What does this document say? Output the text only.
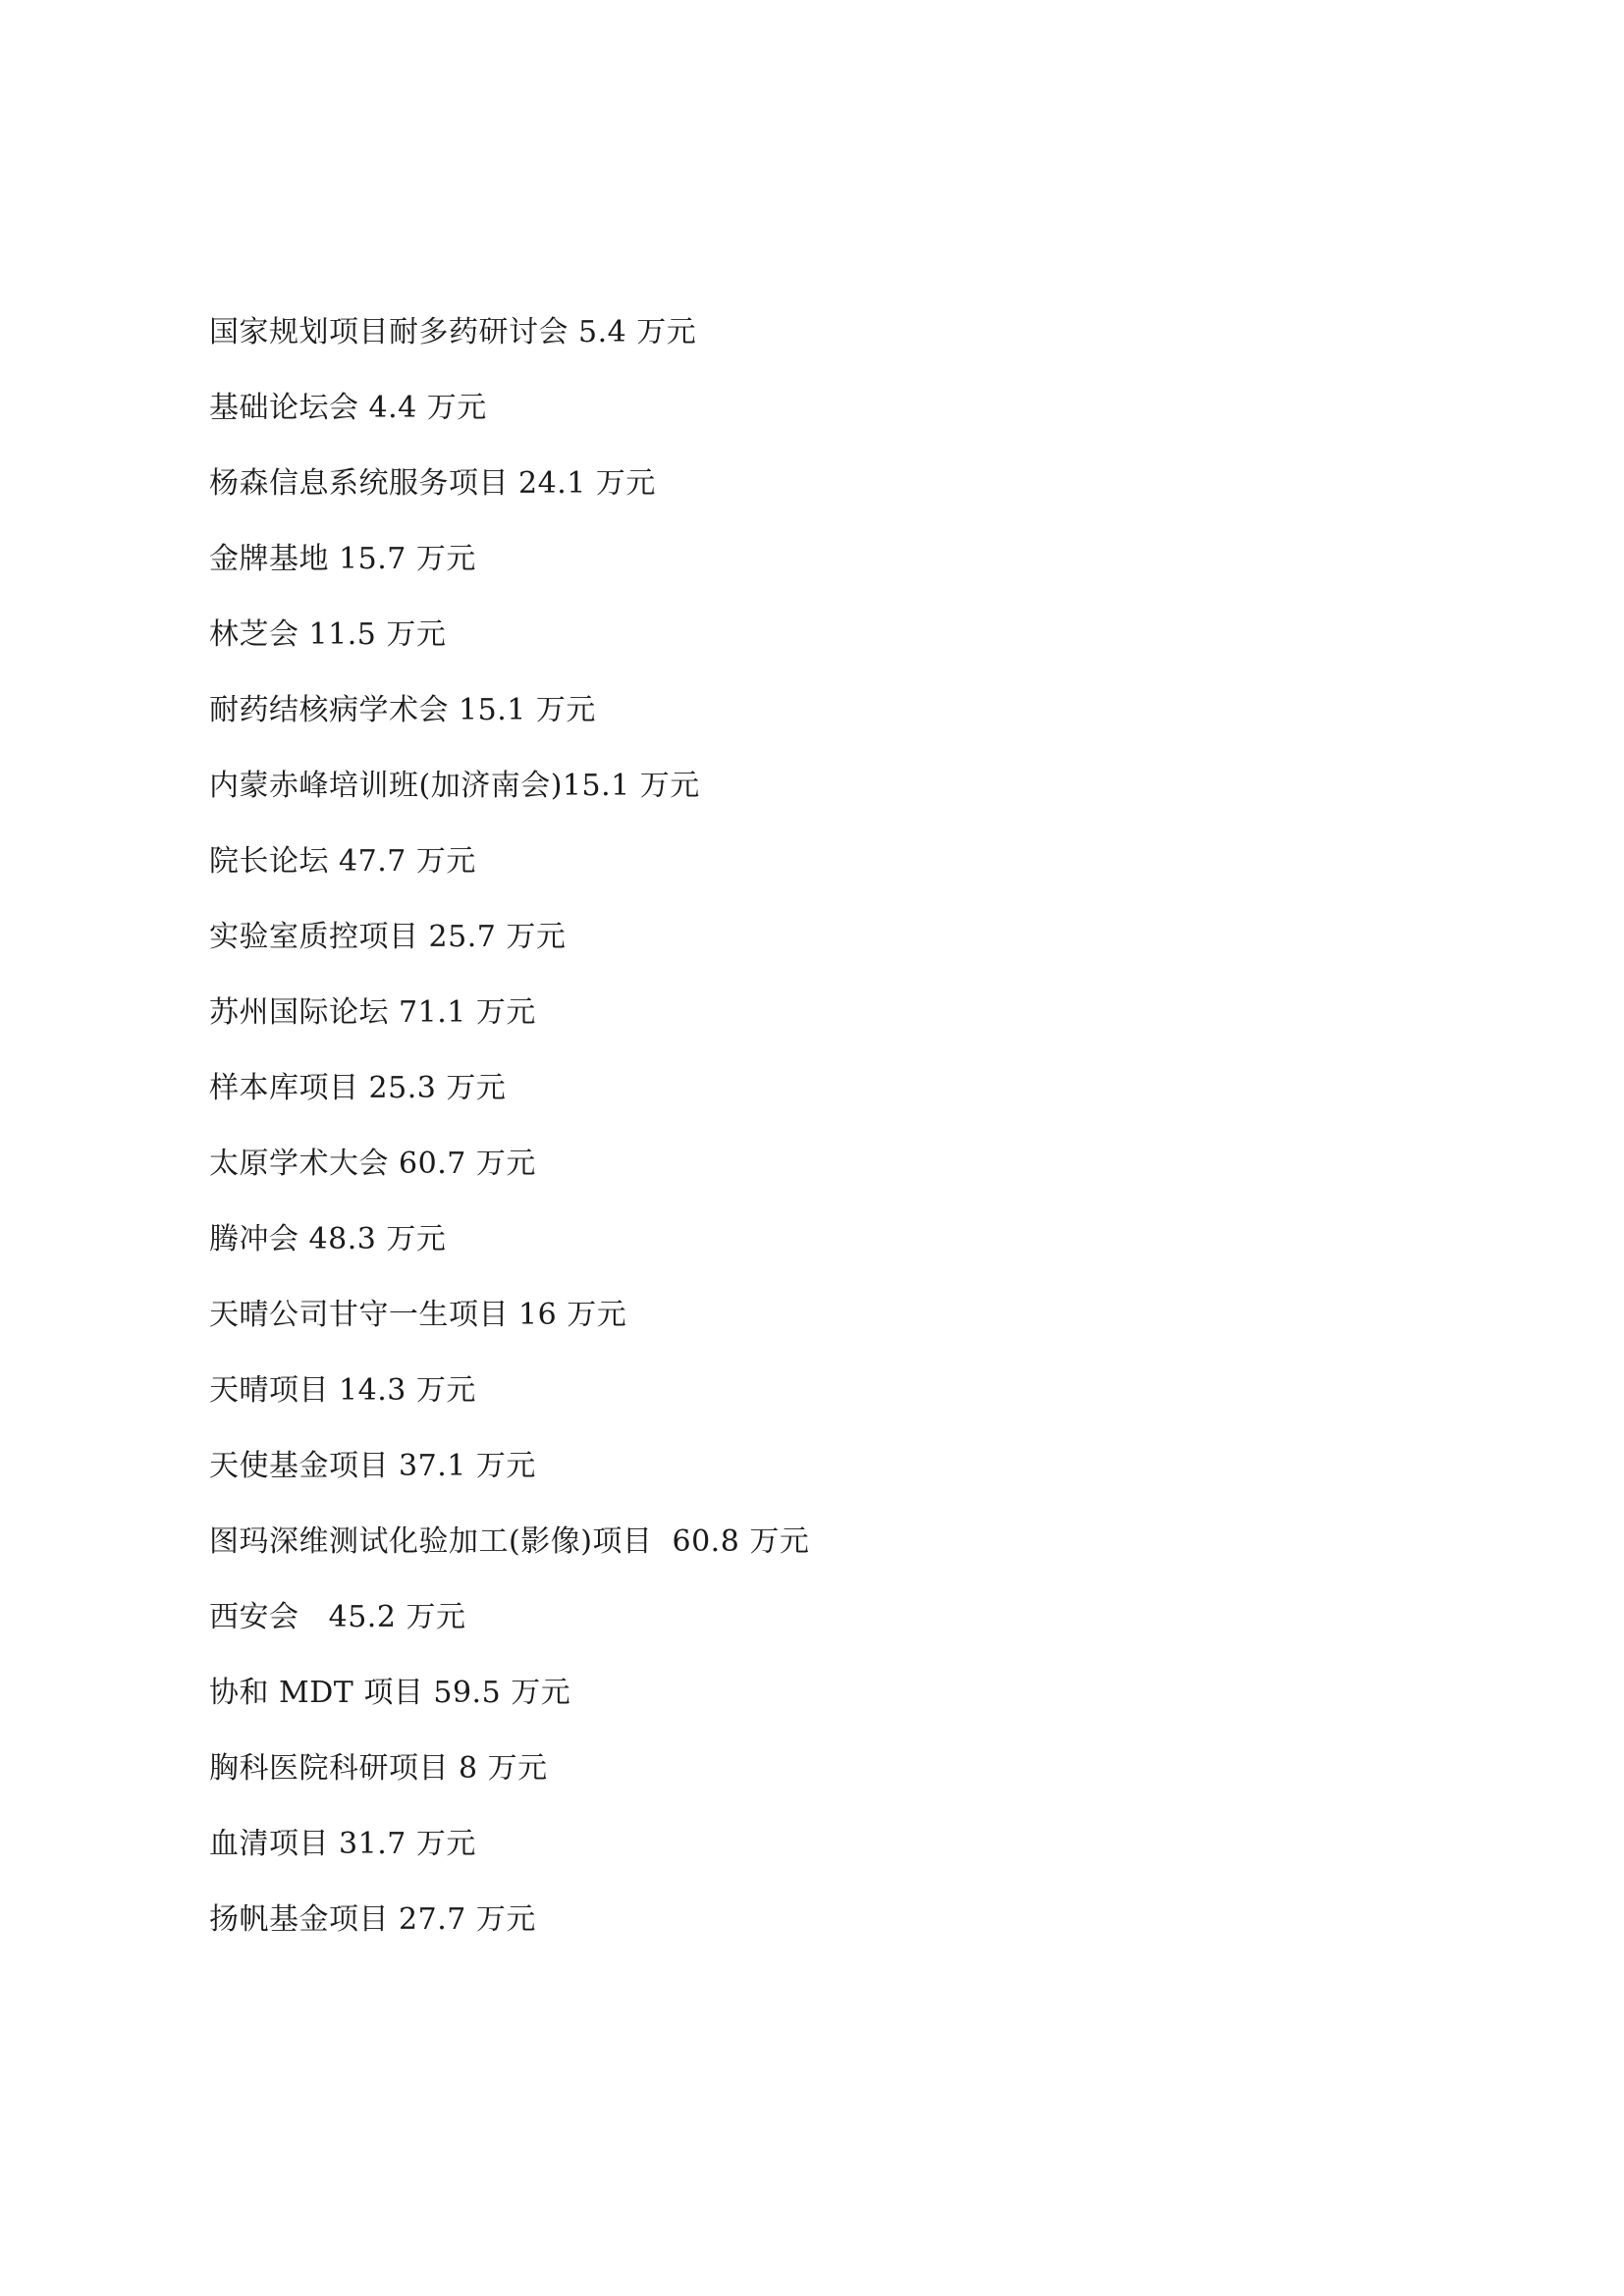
国家规划项目耐多药研讨会 5.4 万元
基础论坛会 4.4 万元
杨森信息系统服务项目 24.1 万元
金牌基地 15.7 万元
林芝会 11.5 万元
耐药结核病学术会 15.1 万元
内蒙赤峰培训班(加济南会)15.1 万元
院长论坛 47.7 万元
实验室质控项目 25.7 万元
苏州国际论坛 71.1 万元
样本库项目 25.3 万元
太原学术大会 60.7 万元
腾冲会 48.3 万元
天晴公司甘守一生项目 16 万元
天晴项目 14.3 万元
天使基金项目 37.1 万元
图玛深维测试化验加工(影像)项目  60.8 万元
西安会   45.2 万元
协和 MDT 项目 59.5 万元
胸科医院科研项目 8 万元
血清项目 31.7 万元
扬帆基金项目 27.7 万元
